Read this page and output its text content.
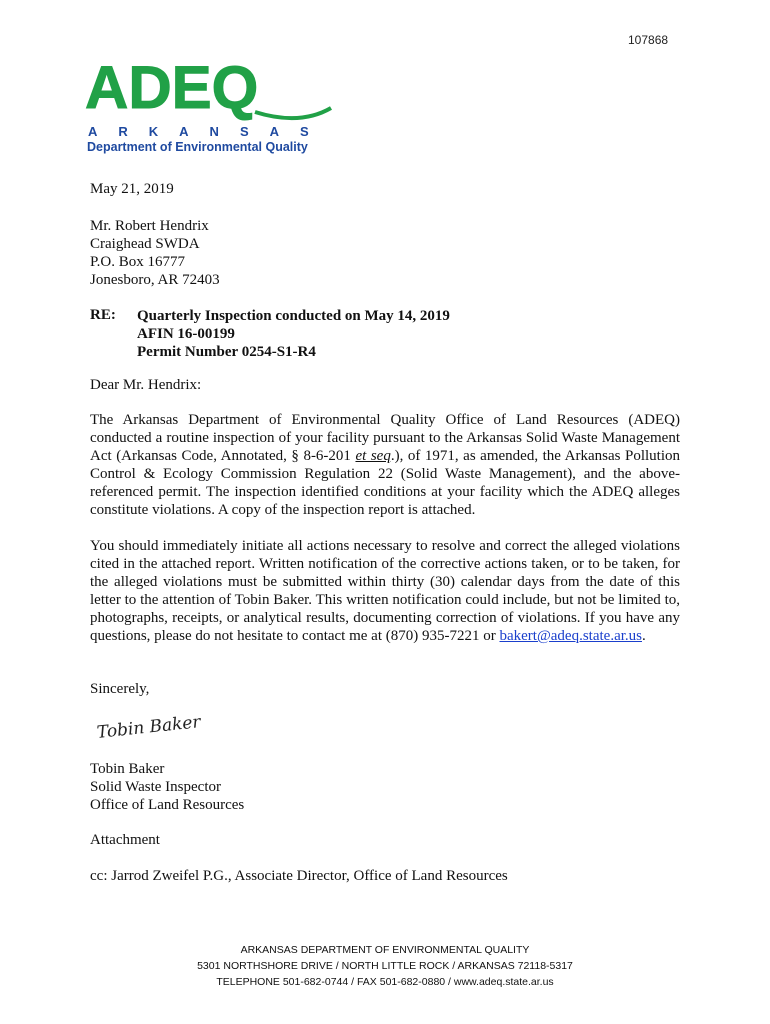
107868
ADEQ
ARKANSAS
Department of Environmental Quality
May 21, 2019
Mr. Robert Hendrix
Craighead SWDA
P.O. Box 16777
Jonesboro, AR 72403
RE: Quarterly Inspection conducted on May 14, 2019
AFIN 16-00199
Permit Number 0254-S1-R4
Dear Mr. Hendrix:
The Arkansas Department of Environmental Quality Office of Land Resources (ADEQ) conducted a routine inspection of your facility pursuant to the Arkansas Solid Waste Management Act (Arkansas Code, Annotated, § 8-6-201 et seq.), of 1971, as amended, the Arkansas Pollution Control & Ecology Commission Regulation 22 (Solid Waste Management), and the above-referenced permit. The inspection identified conditions at your facility which the ADEQ alleges constitute violations. A copy of the inspection report is attached.
You should immediately initiate all actions necessary to resolve and correct the alleged violations cited in the attached report. Written notification of the corrective actions taken, or to be taken, for the alleged violations must be submitted within thirty (30) calendar days from the date of this letter to the attention of Tobin Baker. This written notification could include, but not be limited to, photographs, receipts, or analytical results, documenting correction of violations. If you have any questions, please do not hesitate to contact me at (870) 935-7221 or bakert@adeq.state.ar.us.
Sincerely,
Tobin Baker
Tobin Baker
Solid Waste Inspector
Office of Land Resources
Attachment
cc: Jarrod Zweifel P.G., Associate Director, Office of Land Resources
ARKANSAS DEPARTMENT OF ENVIRONMENTAL QUALITY
5301 NORTHSHORE DRIVE / NORTH LITTLE ROCK / ARKANSAS 72118-5317
TELEPHONE 501-682-0744 / FAX 501-682-0880 / www.adeq.state.ar.us
